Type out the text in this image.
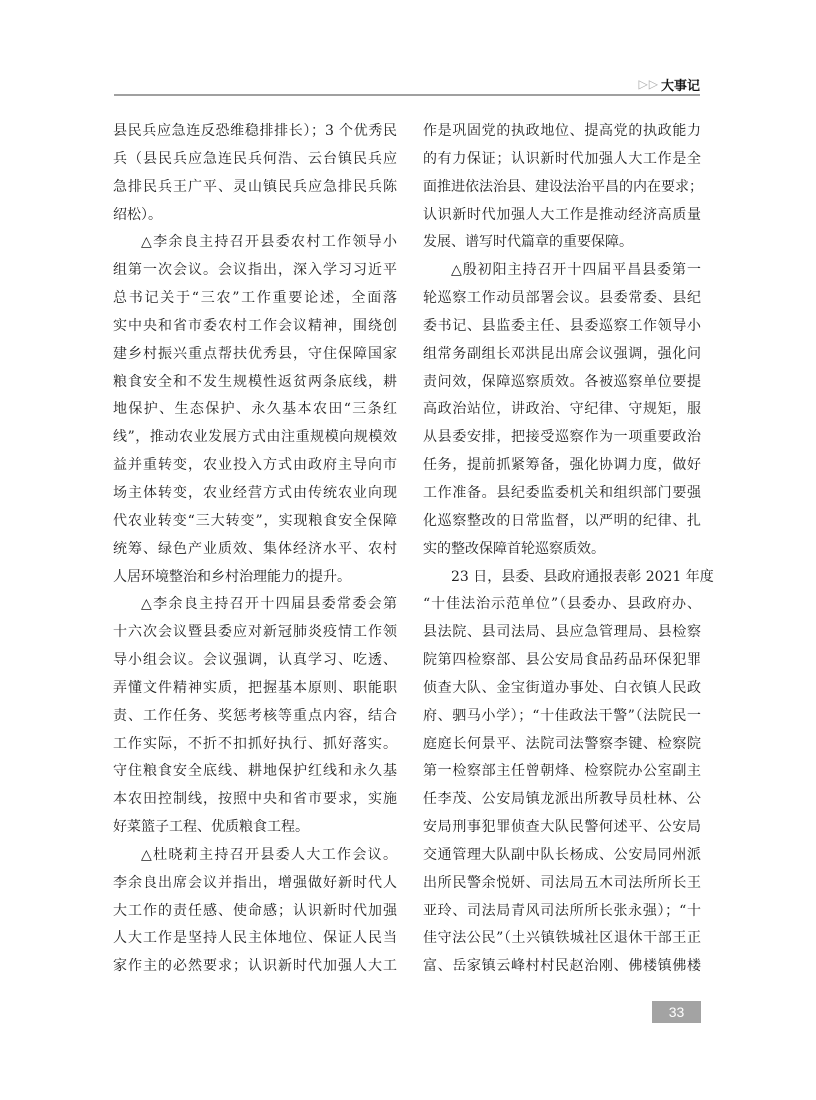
▷ ▷ 大事记
县民兵应急连反恐维稳排排长）；3 个优秀民
兵（县民兵应急连民兵何浩、云台镇民兵应
急排民兵王广平、灵山镇民兵应急排民兵陈
绍松）。
△李余良主持召开县委农村工作领导小
组第一次会议。会议指出，深入学习习近平
总书记关于“三农”工作重要论述，全面落
实中央和省市委农村工作会议精神，围绕创
建乡村振兴重点帮扶优秀县，守住保障国家
粮食安全和不发生规模性返贫两条底线，耕
地保护、生态保护、永久基本农田“三条红
线”，推动农业发展方式由注重规模向规模效
益并重转变，农业投入方式由政府主导向市
场主体转变，农业经营方式由传统农业向现
代农业转变“三大转变”，实现粮食安全保障
统筹、绿色产业质效、集体经济水平、农村
人居环境整治和乡村治理能力的提升。
△李余良主持召开十四届县委常委会第
十六次会议暨县委应对新冠肺炎疫情工作领
导小组会议。会议强调，认真学习、吃透、
弄懂文件精神实质，把握基本原则、职能职
责、工作任务、奖惩考核等重点内容，结合
工作实际，不折不扣抓好执行、抓好落实。
守住粮食安全底线、耕地保护红线和永久基
本农田控制线，按照中央和省市要求，实施
好菜篮子工程、优质粮食工程。
△杜晓莉主持召开县委人大工作会议。
李余良出席会议并指出，增强做好新时代人
大工作的责任感、使命感；认识新时代加强
人大工作是坚持人民主体地位、保证人民当
家作主的必然要求；认识新时代加强人大工
作是巩固党的执政地位、提高党的执政能力
的有力保证；认识新时代加强人大工作是全
面推进依法治县、建设法治平昌的内在要求；
认识新时代加强人大工作是推动经济高质量
发展、谱写时代篇章的重要保障。
△殷初阳主持召开十四届平昌县委第一
轮巡察工作动员部署会议。县委常委、县纪
委书记、县监委主任、县委巡察工作领导小
组常务副组长邓洪昆出席会议强调，强化问
责问效，保障巡察质效。各被巡察单位要提
高政治站位，讲政治、守纪律、守规矩，服
从县委安排，把接受巡察作为一项重要政治
任务，提前抓紧筹备，强化协调力度，做好
工作准备。县纪委监委机关和组织部门要强
化巡察整改的日常监督，以严明的纪律、扎
实的整改保障首轮巡察质效。
23 日，县委、县政府通报表彰 2021 年度
“十佳法治示范单位”（县委办、县政府办、
县法院、县司法局、县应急管理局、县检察
院第四检察部、县公安局食品药品环保犯罪
侦查大队、金宝街道办事处、白衣镇人民政
府、驷马小学）；“十佳政法干警”（法院民一
庭庭长何景平、法院司法警察李键、检察院
第一检察部主任曾朝烽、检察院办公室副主
任李茂、公安局镇龙派出所教导员杜林、公
安局刑事犯罪侦查大队民警何述平、公安局
交通管理大队副中队长杨成、公安局同州派
出所民警余悦妍、司法局五木司法所所长王
亚玲、司法局青风司法所所长张永强）；“十
佳守法公民”（土兴镇铁城社区退休干部王正
富、岳家镇云峰村村民赵治刚、佛楼镇佛楼
33
